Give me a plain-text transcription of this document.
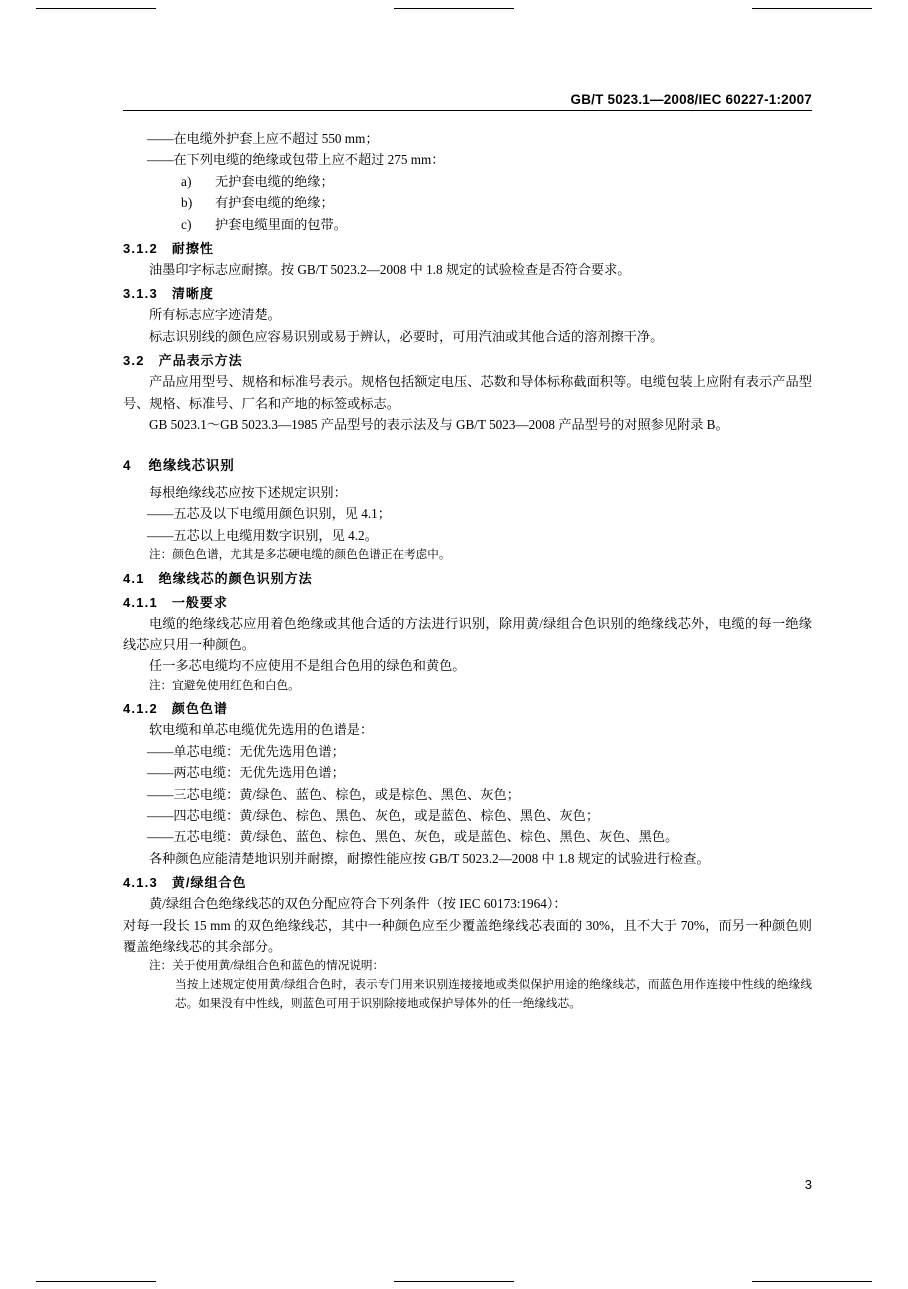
GB/T 5023.1—2008/IEC 60227-1:2007

——在电缆外护套上应不超过 550 mm；

——在下列电缆的绝缘或包带上应不超过 275 mm：

a) 无护套电缆的绝缘；

b) 有护套电缆的绝缘；

c) 护套电缆里面的包带。

3.1.2 耐擦性

油墨印字标志应耐擦。按 GB/T 5023.2—2008 中 1.8 规定的试验检查是否符合要求。

3.1.3 清晰度

所有标志应字迹清楚。

标志识别线的颜色应容易识别或易于辨认，必要时，可用汽油或其他合适的溶剂擦干净。

3.2 产品表示方法

产品应用型号、规格和标准号表示。规格包括额定电压、芯数和导体标称截面积等。电缆包装上应附有表示产品型号、规格、标准号、厂名和产地的标签或标志。

GB 5023.1～GB 5023.3—1985 产品型号的表示法及与 GB/T 5023—2008 产品型号的对照参见附录 B。

4 绝缘线芯识别

每根绝缘线芯应按下述规定识别：

——五芯及以下电缆用颜色识别，见 4.1；

——五芯以上电缆用数字识别，见 4.2。

注：颜色色谱，尤其是多芯硬电缆的颜色色谱正在考虑中。

4.1 绝缘线芯的颜色识别方法

4.1.1 一般要求

电缆的绝缘线芯应用着色绝缘或其他合适的方法进行识别，除用黄/绿组合色识别的绝缘线芯外，电缆的每一绝缘线芯应只用一种颜色。

任一多芯电缆均不应使用不是组合色用的绿色和黄色。

注：宜避免使用红色和白色。

4.1.2 颜色色谱

软电缆和单芯电缆优先选用的色谱是：

——单芯电缆：无优先选用色谱；

——两芯电缆：无优先选用色谱；

——三芯电缆：黄/绿色、蓝色、棕色，或是棕色、黑色、灰色；

——四芯电缆：黄/绿色、棕色、黑色、灰色，或是蓝色、棕色、黑色、灰色；

——五芯电缆：黄/绿色、蓝色、棕色、黑色、灰色，或是蓝色、棕色、黑色、灰色、黑色。

各种颜色应能清楚地识别并耐擦，耐擦性能应按 GB/T 5023.2—2008 中 1.8 规定的试验进行检查。

4.1.3 黄/绿组合色

黄/绿组合色绝缘线芯的双色分配应符合下列条件（按 IEC 60173:1964）：

对每一段长 15 mm 的双色绝缘线芯，其中一种颜色应至少覆盖绝缘线芯表面的 30%，且不大于 70%，而另一种颜色则覆盖绝缘线芯的其余部分。

注：关于使用黄/绿组合色和蓝色的情况说明：

当按上述规定使用黄/绿组合色时，表示专门用来识别连接接地或类似保护用途的绝缘线芯，而蓝色用作连接中性线的绝缘线芯。如果没有中性线，则蓝色可用于识别除接地或保护导体外的任一绝缘线芯。

3
